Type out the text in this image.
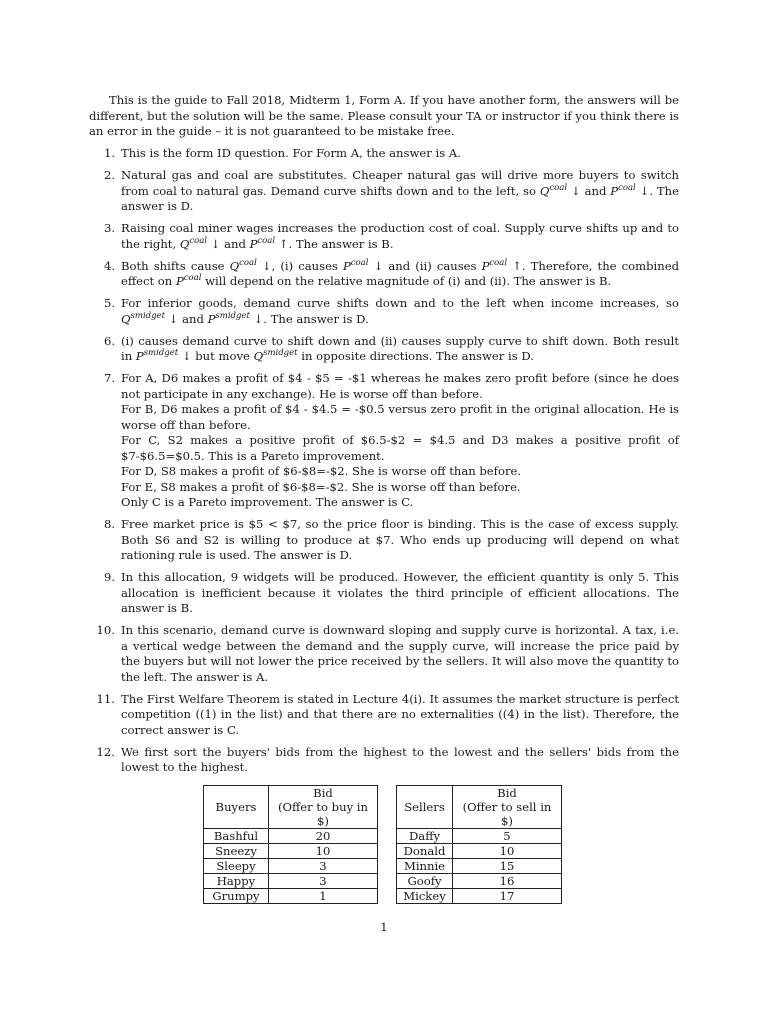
This is the guide to Fall 2018, Midterm 1, Form A. If you have another form, the answers will be different, but the solution will be the same. Please consult your TA or instructor if you think there is an error in the guide – it is not guaranteed to be mistake free.

1. This is the form ID question. For Form A, the answer is A.
2. Natural gas and coal are substitutes. Cheaper natural gas will drive more buyers to switch from coal to natural gas. Demand curve shifts down and to the left, so $Q^{coal}$ ↓ and $P^{coal}$ ↓. The answer is D.
3. Raising coal miner wages increases the production cost of coal. Supply curve shifts up and to the right, $Q^{coal}$ ↓ and $P^{coal}$ ↑. The answer is B.
4. Both shifts cause $Q^{coal}$ ↓, (i) causes $P^{coal}$ ↓ and (ii) causes $P^{coal}$ ↑. Therefore, the combined effect on $P^{coal}$ will depend on the relative magnitude of (i) and (ii). The answer is B.
5. For inferior goods, demand curve shifts down and to the left when income increases, so $Q^{smidget}$ ↓ and $P^{smidget}$ ↓. The answer is D.
6. (i) causes demand curve to shift down and (ii) causes supply curve to shift down. Both result in $P^{smidget}$ ↓ but move $Q^{smidget}$ in opposite directions. The answer is D.
7. For A, D6 makes a profit of $4 - $5 = -$1 whereas he makes zero profit before (since he does not participate in any exchange). He is worse off than before.
For B, D6 makes a profit of $4 - $4.5 = -$0.5 versus zero profit in the original allocation. He is worse off than before.
For C, S2 makes a positive profit of $6.5-$2 = $4.5 and D3 makes a positive profit of $7-$6.5=$0.5. This is a Pareto improvement.
For D, S8 makes a profit of $6-$8=-$2. She is worse off than before.
For E, S8 makes a profit of $6-$8=-$2. She is worse off than before.
Only C is a Pareto improvement. The answer is C.
8. Free market price is $5 < $7, so the price floor is binding. This is the case of excess supply. Both S6 and S2 is willing to produce at $7. Who ends up producing will depend on what rationing rule is used. The answer is D.
9. In this allocation, 9 widgets will be produced. However, the efficient quantity is only 5. This allocation is inefficient because it violates the third principle of efficient allocations. The answer is B.
10. In this scenario, demand curve is downward sloping and supply curve is horizontal. A tax, i.e. a vertical wedge between the demand and the supply curve, will increase the price paid by the buyers but will not lower the price received by the sellers. It will also move the quantity to the left. The answer is A.
11. The First Welfare Theorem is stated in Lecture 4(i). It assumes the market structure is perfect competition ((1) in the list) and that there are no externalities ((4) in the list). Therefore, the correct answer is C.
12. We first sort the buyers' bids from the highest to the lowest and the sellers' bids from the lowest to the highest.
Buyers	Bid
(Offer to buy in $)

Bashful	20
Sneezy	10
Sleepy	3
Happy	3
Grumpy	1
Sellers	Bid
(Offer to sell in $)

Daffy	5
Donald	10
Minnie	15
Goofy	16
Mickey	17
1
